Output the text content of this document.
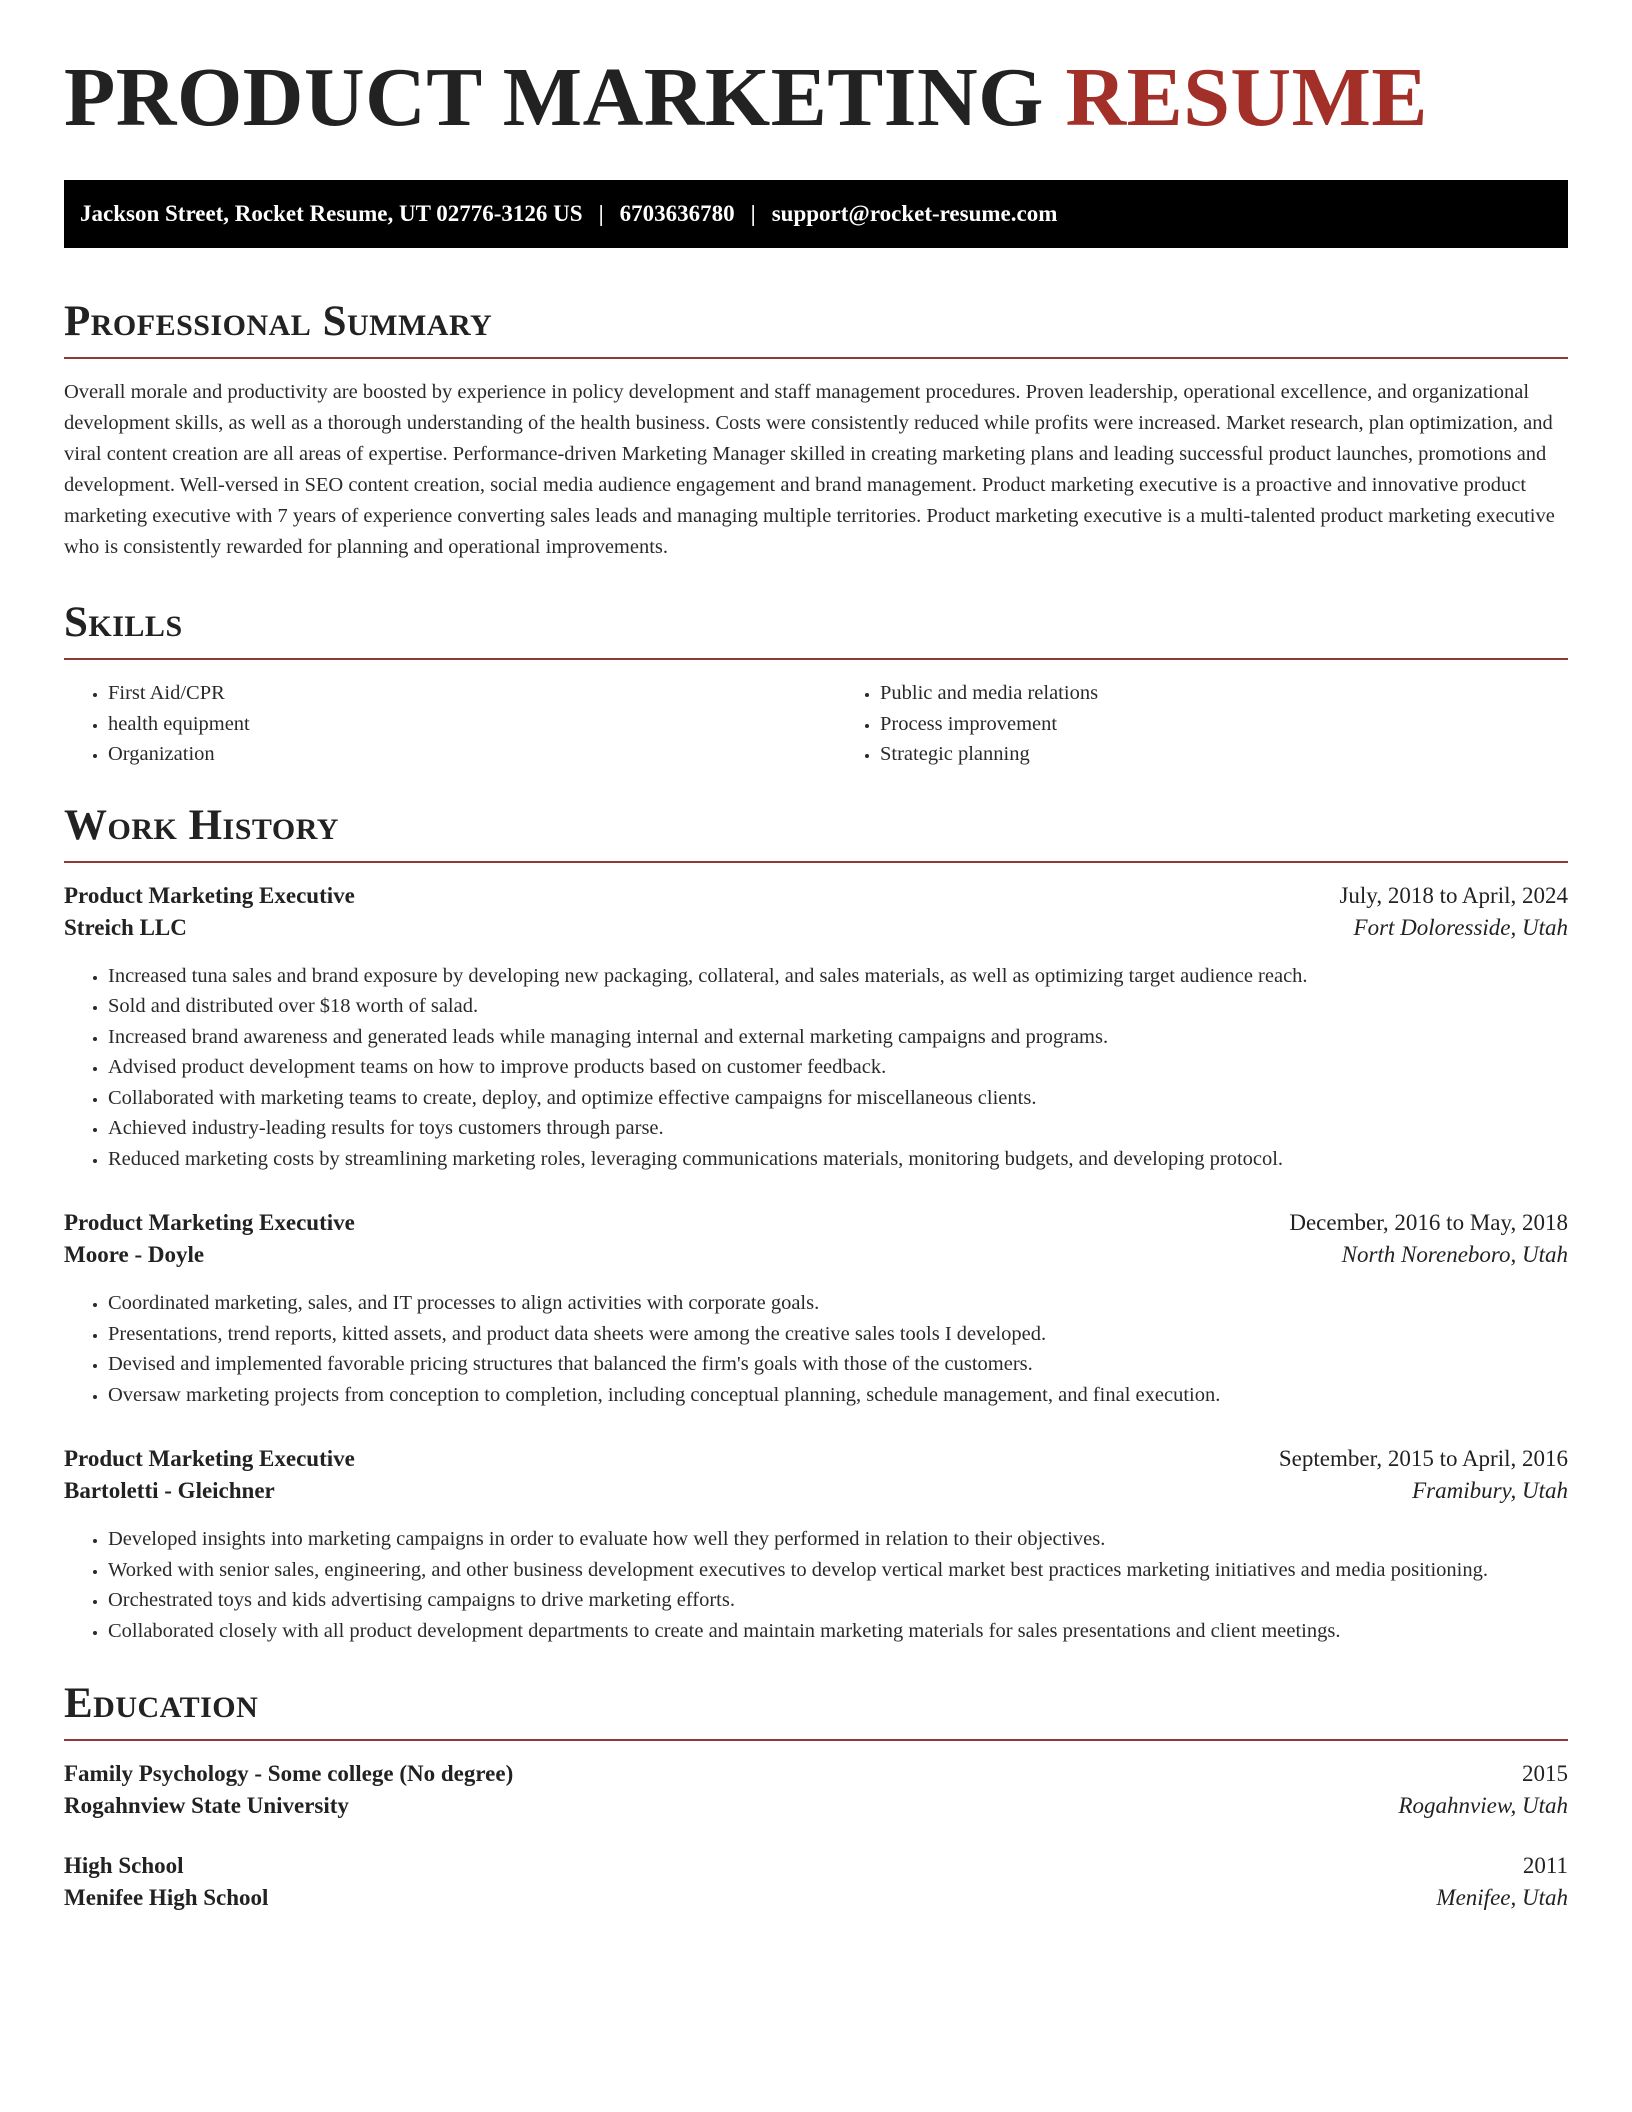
PRODUCT MARKETING RESUME
Jackson Street, Rocket Resume, UT 02776-3126 US | 6703636780 | support@rocket-resume.com
Professional Summary

Overall morale and productivity are boosted by experience in policy development and staff management procedures. Proven leadership, operational excellence, and organizational development skills, as well as a thorough understanding of the health business. Costs were consistently reduced while profits were increased. Market research, plan optimization, and viral content creation are all areas of expertise. Performance-driven Marketing Manager skilled in creating marketing plans and leading successful product launches, promotions and development. Well-versed in SEO content creation, social media audience engagement and brand management. Product marketing executive is a proactive and innovative product marketing executive with 7 years of experience converting sales leads and managing multiple territories. Product marketing executive is a multi-talented product marketing executive who is consistently rewarded for planning and operational improvements.

Skills
• First Aid/CPR
• health equipment
• Organization
• Public and media relations
• Process improvement
• Strategic planning
Work History
Product Marketing Executive	July, 2018 to April, 2024
Streich LLC	Fort Doloresside, Utah
• Increased tuna sales and brand exposure by developing new packaging, collateral, and sales materials, as well as optimizing target audience reach.
• Sold and distributed over $18 worth of salad.
• Increased brand awareness and generated leads while managing internal and external marketing campaigns and programs.
• Advised product development teams on how to improve products based on customer feedback.
• Collaborated with marketing teams to create, deploy, and optimize effective campaigns for miscellaneous clients.
• Achieved industry-leading results for toys customers through parse.
• Reduced marketing costs by streamlining marketing roles, leveraging communications materials, monitoring budgets, and developing protocol.
Product Marketing Executive	December, 2016 to May, 2018
Moore - Doyle	North Noreneboro, Utah
• Coordinated marketing, sales, and IT processes to align activities with corporate goals.
• Presentations, trend reports, kitted assets, and product data sheets were among the creative sales tools I developed.
• Devised and implemented favorable pricing structures that balanced the firm's goals with those of the customers.
• Oversaw marketing projects from conception to completion, including conceptual planning, schedule management, and final execution.
Product Marketing Executive	September, 2015 to April, 2016
Bartoletti - Gleichner	Framibury, Utah
• Developed insights into marketing campaigns in order to evaluate how well they performed in relation to their objectives.
• Worked with senior sales, engineering, and other business development executives to develop vertical market best practices marketing initiatives and media positioning.
• Orchestrated toys and kids advertising campaigns to drive marketing efforts.
• Collaborated closely with all product development departments to create and maintain marketing materials for sales presentations and client meetings.
Education
Family Psychology - Some college (No degree)	2015
Rogahnview State University	Rogahnview, Utah
High School	2011
Menifee High School	Menifee, Utah
